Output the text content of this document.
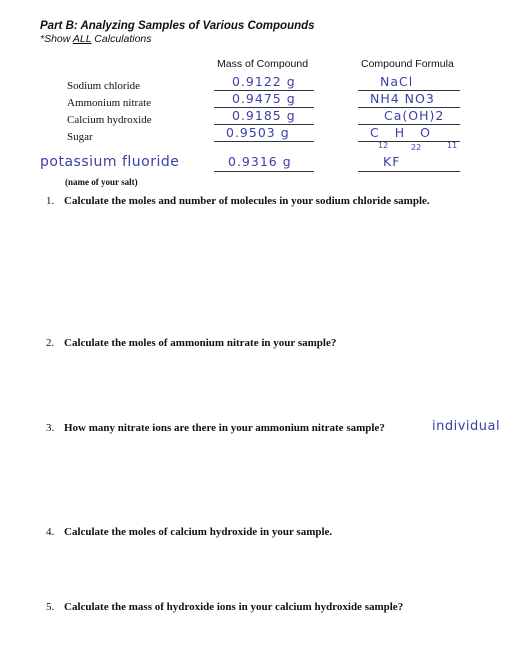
Part B: Analyzing Samples of Various Compounds
*Show ALL Calculations
Mass of Compound	Compound Formula
Sodium chloride	0.9122 g	NaCl
Ammonium nitrate	0.9475 g	NH4 NO3
Calcium hydroxide	0.9185 g	Ca(OH)2
Sugar	0.9503 g	C H O
12	22	11
potassium fluoride	0.9316 g	KF
(name of your salt)
1. Calculate the moles and number of molecules in your sodium chloride sample.
2. Calculate the moles of ammonium nitrate in your sample?
3. How many nitrate ions are there in your ammonium nitrate sample?	individual
4. Calculate the moles of calcium hydroxide in your sample.
5. Calculate the mass of hydroxide ions in your calcium hydroxide sample?
